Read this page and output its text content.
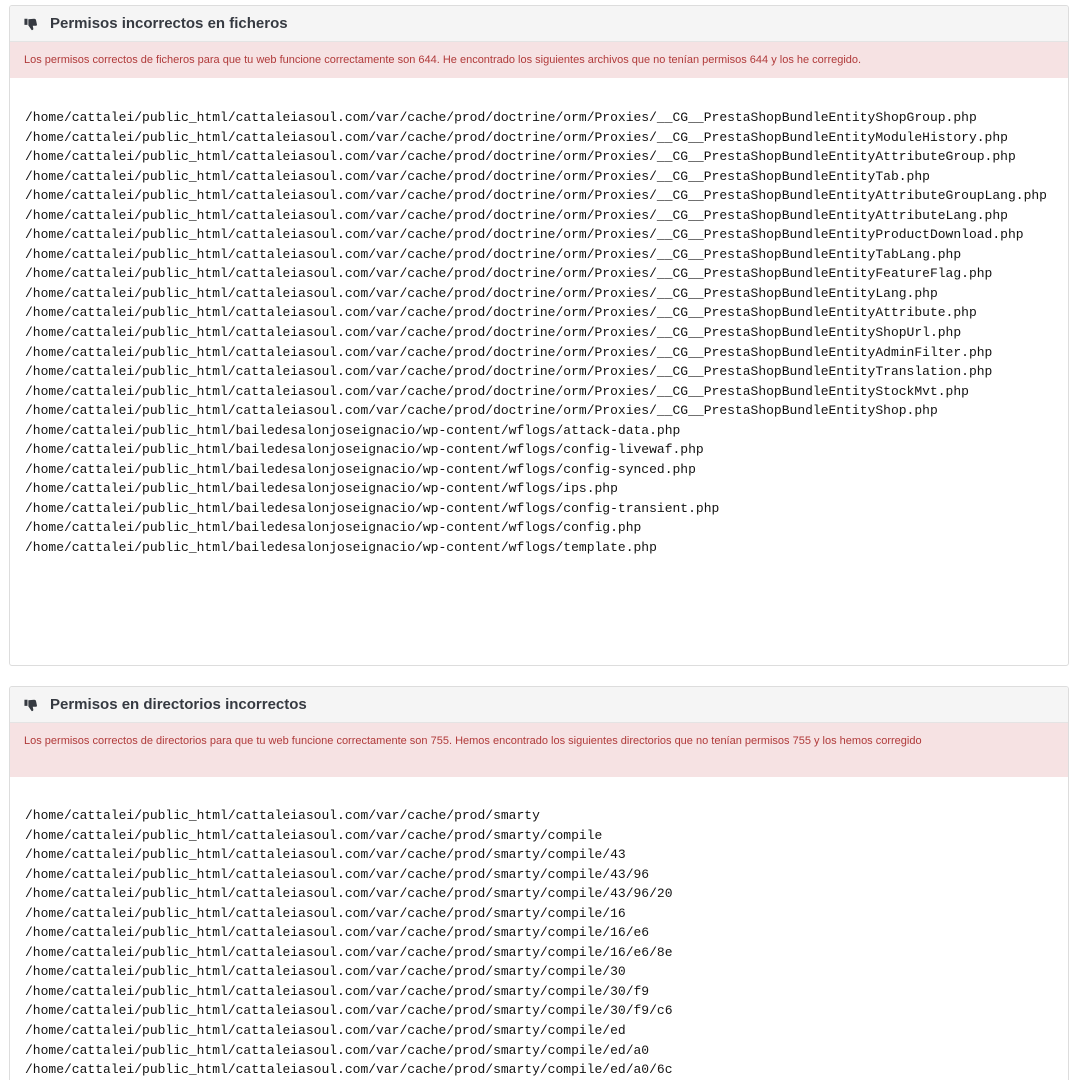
Permisos incorrectos en ficheros
Los permisos correctos de ficheros para que tu web funcione correctamente son 644. He encontrado los siguientes archivos que no tenían permisos 644 y los he corregido.
/home/cattalei/public_html/cattaleiasoul.com/var/cache/prod/doctrine/orm/Proxies/__CG__PrestaShopBundleEntityShopGroup.php
/home/cattalei/public_html/cattaleiasoul.com/var/cache/prod/doctrine/orm/Proxies/__CG__PrestaShopBundleEntityModuleHistory.php
/home/cattalei/public_html/cattaleiasoul.com/var/cache/prod/doctrine/orm/Proxies/__CG__PrestaShopBundleEntityAttributeGroup.php
/home/cattalei/public_html/cattaleiasoul.com/var/cache/prod/doctrine/orm/Proxies/__CG__PrestaShopBundleEntityTab.php
/home/cattalei/public_html/cattaleiasoul.com/var/cache/prod/doctrine/orm/Proxies/__CG__PrestaShopBundleEntityAttributeGroupLang.php
/home/cattalei/public_html/cattaleiasoul.com/var/cache/prod/doctrine/orm/Proxies/__CG__PrestaShopBundleEntityAttributeLang.php
/home/cattalei/public_html/cattaleiasoul.com/var/cache/prod/doctrine/orm/Proxies/__CG__PrestaShopBundleEntityProductDownload.php
/home/cattalei/public_html/cattaleiasoul.com/var/cache/prod/doctrine/orm/Proxies/__CG__PrestaShopBundleEntityTabLang.php
/home/cattalei/public_html/cattaleiasoul.com/var/cache/prod/doctrine/orm/Proxies/__CG__PrestaShopBundleEntityFeatureFlag.php
/home/cattalei/public_html/cattaleiasoul.com/var/cache/prod/doctrine/orm/Proxies/__CG__PrestaShopBundleEntityLang.php
/home/cattalei/public_html/cattaleiasoul.com/var/cache/prod/doctrine/orm/Proxies/__CG__PrestaShopBundleEntityAttribute.php
/home/cattalei/public_html/cattaleiasoul.com/var/cache/prod/doctrine/orm/Proxies/__CG__PrestaShopBundleEntityShopUrl.php
/home/cattalei/public_html/cattaleiasoul.com/var/cache/prod/doctrine/orm/Proxies/__CG__PrestaShopBundleEntityAdminFilter.php
/home/cattalei/public_html/cattaleiasoul.com/var/cache/prod/doctrine/orm/Proxies/__CG__PrestaShopBundleEntityTranslation.php
/home/cattalei/public_html/cattaleiasoul.com/var/cache/prod/doctrine/orm/Proxies/__CG__PrestaShopBundleEntityStockMvt.php
/home/cattalei/public_html/cattaleiasoul.com/var/cache/prod/doctrine/orm/Proxies/__CG__PrestaShopBundleEntityShop.php
/home/cattalei/public_html/bailedesalonjoseignacio/wp-content/wflogs/attack-data.php
/home/cattalei/public_html/bailedesalonjoseignacio/wp-content/wflogs/config-livewaf.php
/home/cattalei/public_html/bailedesalonjoseignacio/wp-content/wflogs/config-synced.php
/home/cattalei/public_html/bailedesalonjoseignacio/wp-content/wflogs/ips.php
/home/cattalei/public_html/bailedesalonjoseignacio/wp-content/wflogs/config-transient.php
/home/cattalei/public_html/bailedesalonjoseignacio/wp-content/wflogs/config.php
/home/cattalei/public_html/bailedesalonjoseignacio/wp-content/wflogs/template.php
Permisos en directorios incorrectos
Los permisos correctos de directorios para que tu web funcione correctamente son 755. Hemos encontrado los siguientes directorios que no tenían permisos 755 y los hemos corregido
/home/cattalei/public_html/cattaleiasoul.com/var/cache/prod/smarty
/home/cattalei/public_html/cattaleiasoul.com/var/cache/prod/smarty/compile
/home/cattalei/public_html/cattaleiasoul.com/var/cache/prod/smarty/compile/43
/home/cattalei/public_html/cattaleiasoul.com/var/cache/prod/smarty/compile/43/96
/home/cattalei/public_html/cattaleiasoul.com/var/cache/prod/smarty/compile/43/96/20
/home/cattalei/public_html/cattaleiasoul.com/var/cache/prod/smarty/compile/16
/home/cattalei/public_html/cattaleiasoul.com/var/cache/prod/smarty/compile/16/e6
/home/cattalei/public_html/cattaleiasoul.com/var/cache/prod/smarty/compile/16/e6/8e
/home/cattalei/public_html/cattaleiasoul.com/var/cache/prod/smarty/compile/30
/home/cattalei/public_html/cattaleiasoul.com/var/cache/prod/smarty/compile/30/f9
/home/cattalei/public_html/cattaleiasoul.com/var/cache/prod/smarty/compile/30/f9/c6
/home/cattalei/public_html/cattaleiasoul.com/var/cache/prod/smarty/compile/ed
/home/cattalei/public_html/cattaleiasoul.com/var/cache/prod/smarty/compile/ed/a0
/home/cattalei/public_html/cattaleiasoul.com/var/cache/prod/smarty/compile/ed/a0/6c
